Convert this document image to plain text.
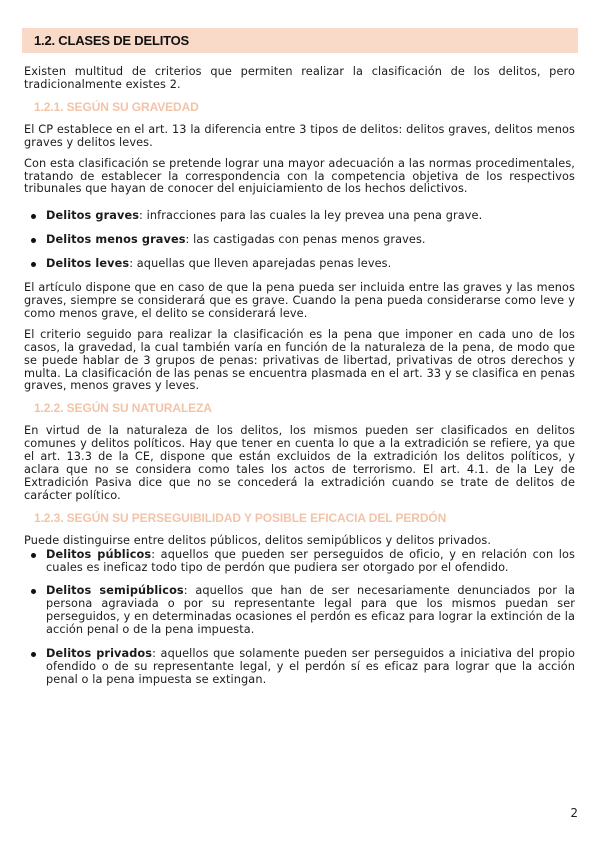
1.2. CLASES DE DELITOS

Existen multitud de criterios que permiten realizar la clasificación de los delitos, pero tradicionalmente existes 2.

1.2.1. SEGÚN SU GRAVEDAD

El CP establece en el art. 13 la diferencia entre 3 tipos de delitos: delitos graves, delitos menos graves y delitos leves.

Con esta clasificación se pretende lograr una mayor adecuación a las normas procedimentales, tratando de establecer la correspondencia con la competencia objetiva de los respectivos tribunales que hayan de conocer del enjuiciamiento de los hechos delictivos.

Delitos graves: infracciones para las cuales la ley prevea una pena grave.
Delitos menos graves: las castigadas con penas menos graves.
Delitos leves: aquellas que lleven aparejadas penas leves.

El artículo dispone que en caso de que la pena pueda ser incluida entre las graves y las menos graves, siempre se considerará que es grave. Cuando la pena pueda considerarse como leve y como menos grave, el delito se considerará leve.

El criterio seguido para realizar la clasificación es la pena que imponer en cada uno de los casos, la gravedad, la cual también varía en función de la naturaleza de la pena, de modo que se puede hablar de 3 grupos de penas: privativas de libertad, privativas de otros derechos y multa. La clasificación de las penas se encuentra plasmada en el art. 33 y se clasifica en penas graves, menos graves y leves.

1.2.2. SEGÚN SU NATURALEZA

En virtud de la naturaleza de los delitos, los mismos pueden ser clasificados en delitos comunes y delitos políticos. Hay que tener en cuenta lo que a la extradición se refiere, ya que el art. 13.3 de la CE, dispone que están excluidos de la extradición los delitos políticos, y aclara que no se considera como tales los actos de terrorismo. El art. 4.1. de la Ley de Extradición Pasiva dice que no se concederá la extradición cuando se trate de delitos de carácter político.

1.2.3. SEGÚN SU PERSEGUIBILIDAD Y POSIBLE EFICACIA DEL PERDÓN

Puede distinguirse entre delitos públicos, delitos semipúblicos y delitos privados.

Delitos públicos: aquellos que pueden ser perseguidos de oficio, y en relación con los cuales es ineficaz todo tipo de perdón que pudiera ser otorgado por el ofendido.
Delitos semipúblicos: aquellos que han de ser necesariamente denunciados por la persona agraviada o por su representante legal para que los mismos puedan ser perseguidos, y en determinadas ocasiones el perdón es eficaz para lograr la extinción de la acción penal o de la pena impuesta.
Delitos privados: aquellos que solamente pueden ser perseguidos a iniciativa del propio ofendido o de su representante legal, y el perdón sí es eficaz para lograr que la acción penal o la pena impuesta se extingan.
2
